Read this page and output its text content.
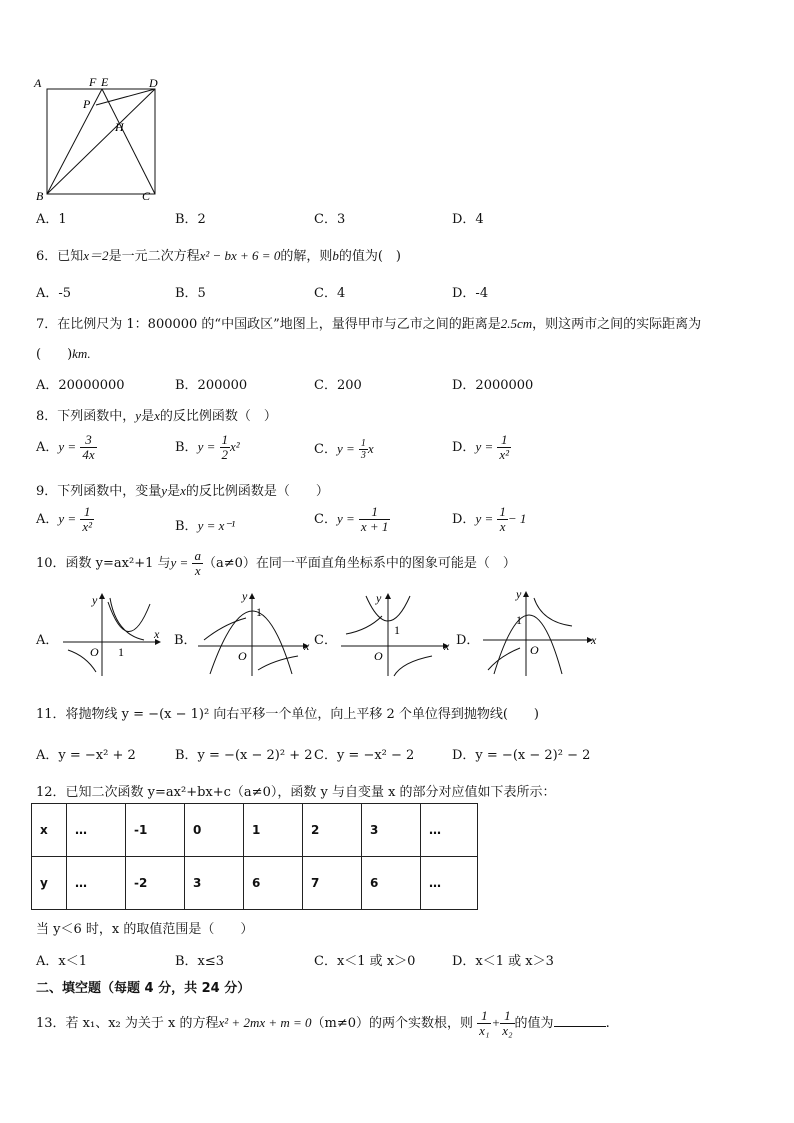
A	F E	D
P
H
B	C
A．1	B．2	C．3	D．4
6．已知x＝2是一元二次方程x² − bx + 6 = 0的解，则b的值为(　)
A．-5	B．5	C．4	D．-4
7．在比例尺为 1：800000 的“中国政区”地图上，量得甲市与乙市之间的距离是2.5cm，则这两市之间的实际距离为
(　　)km.
A．20000000	B．200000	C．200	D．2000000
8．下列函数中，y是x的反比例函数（　）
A．$y = \frac{3}{4x}$	B．$y = \frac{1}{2} x^2$	C．$y = \frac{1}{3}$ x	D．$y = \frac{1}{\text{x²}}$
9．下列函数中，变量y是x的反比例函数是（　　）
A．$y = \frac{1}{\text{x²}}$	B．y = x⁻¹	C．$y = \frac{1}{x + 1}$	D．$y = \frac{1}{x} - 1$
10．函数 y=ax²+1 与$y = \frac{a}{x} (a\ne 0)$在同一平面直角坐标系中的图象可能是（　）
A．	B．	C．	D．
y
x
O 1
y
x
O
1
y
x
O
1
y
x
O
1
11．将抛物线 y = −(x − 1)² 向右平移一个单位，向上平移 2 个单位得到抛物线(　　)
A．y = −x² + 2	B．y = −(x − 2)² + 2 C．y = −x² − 2	D．y = −(x − 2)² − 2
12．已知二次函数 y=ax²+bx+c（a≠0），函数 y 与自变量 x 的部分对应值如下表所示：
x	…	-1	0	1	2	3	…
y	…	-2	3	6	7	6	…
当 y＜6 时，x 的取值范围是（　　）
A．x＜1	B．x≤3	C．x＜1 或 x＞0	D．x＜1 或 x＞3
二、填空题（每题 4 分，共 24 分）
13．若 x₁、x₂ 为关于 x 的方程x² + 2mx + m = 0（m≠0）的两个实数根，则 $\frac{1}{\text{x₁}} + \frac{1}{\text{x₂}}$ 的值为	.
